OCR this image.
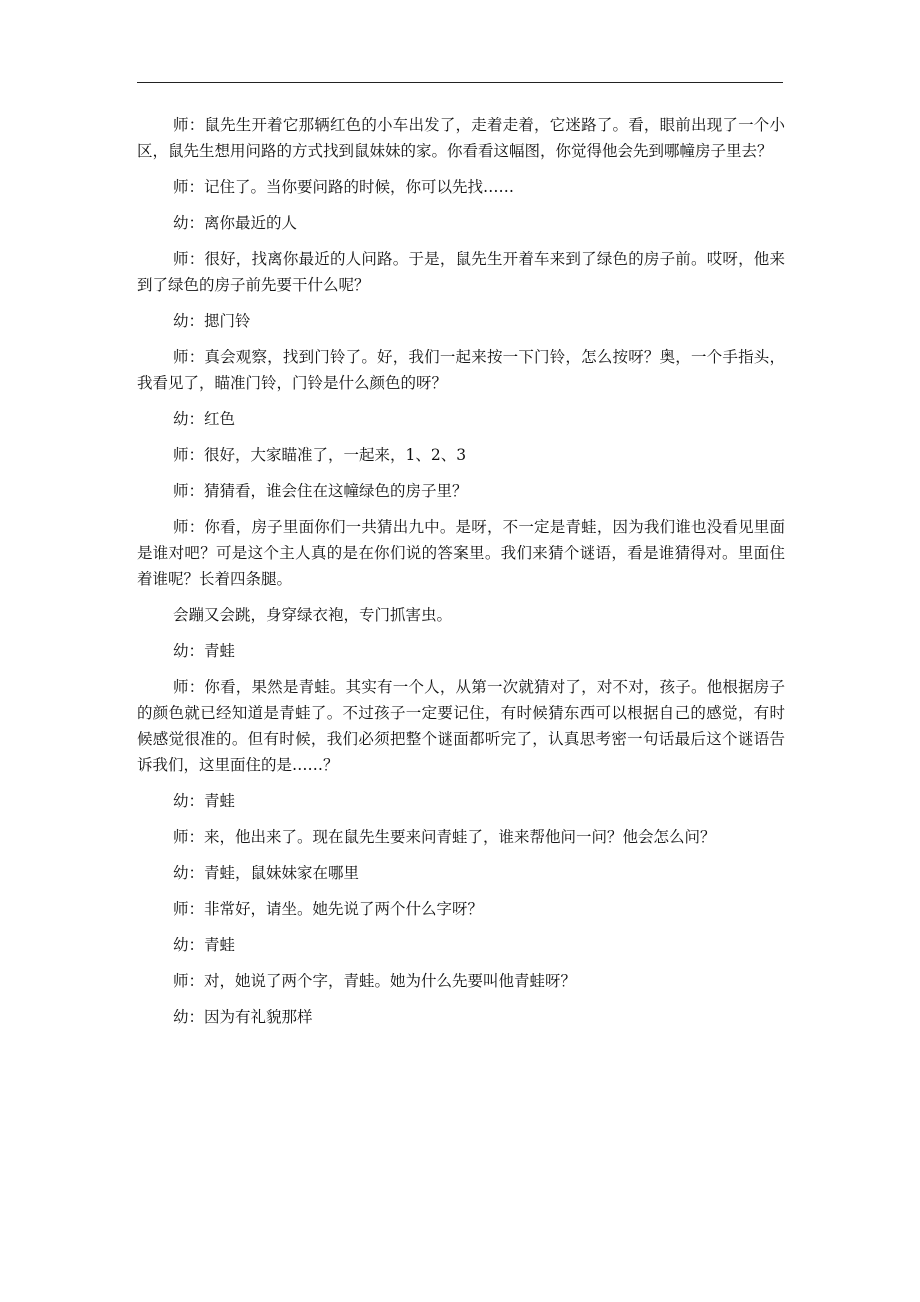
师：鼠先生开着它那辆红色的小车出发了，走着走着，它迷路了。看，眼前出现了一个小区，鼠先生想用问路的方式找到鼠妹妹的家。你看看这幅图，你觉得他会先到哪幢房子里去？

师：记住了。当你要问路的时候，你可以先找……

幼：离你最近的人

师：很好，找离你最近的人问路。于是，鼠先生开着车来到了绿色的房子前。哎呀，他来到了绿色的房子前先要干什么呢？

幼：揌门铃

师：真会观察，找到门铃了。好，我们一起来按一下门铃，怎么按呀？奥，一个手指头，我看见了，瞄准门铃，门铃是什么颜色的呀？

幼：红色

师：很好，大家瞄准了，一起来，1、2、3

师：猜猜看，谁会住在这幢绿色的房子里？

师：你看，房子里面你们一共猜出九中。是呀，不一定是青蛙，因为我们谁也没看见里面是谁对吧？可是这个主人真的是在你们说的答案里。我们来猜个谜语，看是谁猜得对。里面住着谁呢？长着四条腿。

会蹦又会跳，身穿绿衣袍，专门抓害虫。

幼：青蛙

师：你看，果然是青蛙。其实有一个人，从第一次就猜对了，对不对，孩子。他根据房子的颜色就已经知道是青蛙了。不过孩子一定要记住，有时候猜东西可以根据自己的感觉，有时候感觉很准的。但有时候，我们必须把整个谜面都听完了，认真思考密一句话最后这个谜语告诉我们，这里面住的是……？

幼：青蛙

师：来，他出来了。现在鼠先生要来问青蛙了，谁来帮他问一问？他会怎么问？

幼：青蛙，鼠妹妹家在哪里

师：非常好，请坐。她先说了两个什么字呀？

幼：青蛙

师：对，她说了两个字，青蛙。她为什么先要叫他青蛙呀？

幼：因为有礼貌那样
